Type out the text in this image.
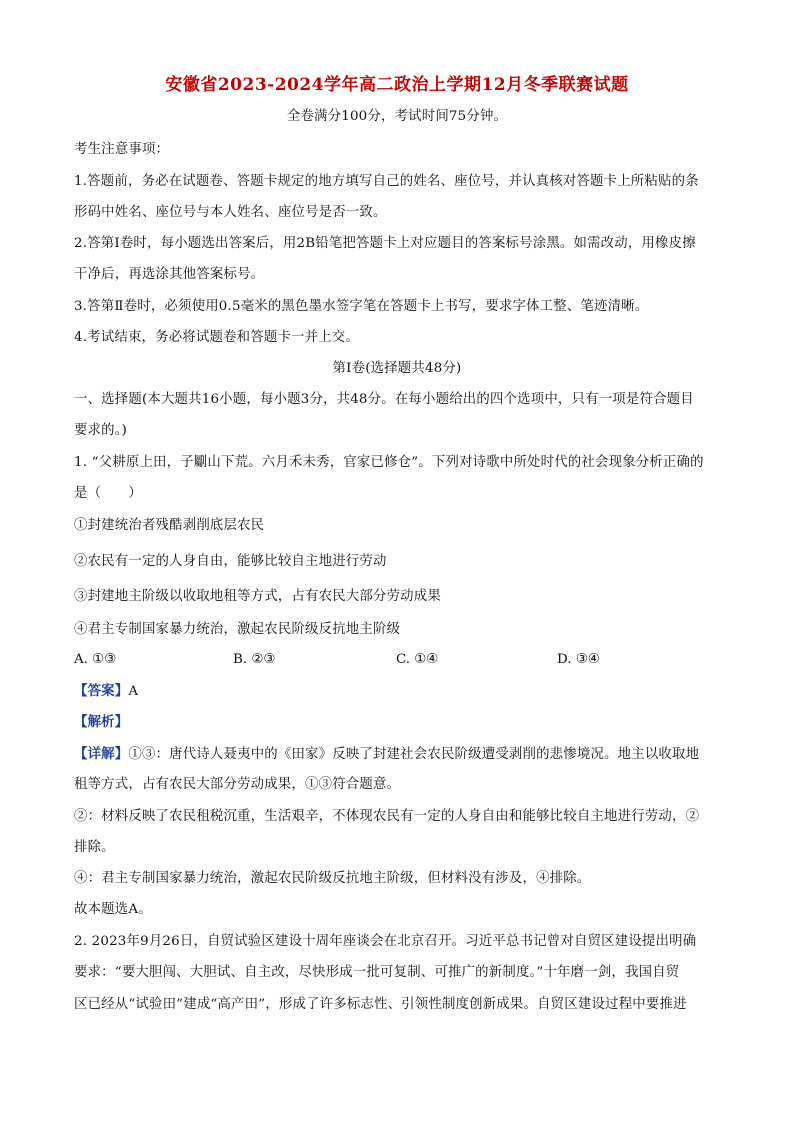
安徽省2023-2024学年高二政治上学期12月冬季联赛试题
全卷满分100分，考试时间75分钟。
考生注意事项：
1.答题前，务必在试题卷、答题卡规定的地方填写自己的姓名、座位号，并认真核对答题卡上所粘贴的条
形码中姓名、座位号与本人姓名、座位号是否一致。
2.答第Ⅰ卷时，每小题选出答案后，用2B铅笔把答题卡上对应题目的答案标号涂黑。如需改动，用橡皮擦
干净后，再选涂其他答案标号。
3.答第Ⅱ卷时，必须使用0.5毫米的黑色墨水签字笔在答题卡上书写，要求字体工整、笔迹清晰。
4.考试结束，务必将试题卷和答题卡一并上交。
第Ⅰ卷(选择题共48分)
一、选择题(本大题共16小题，每小题3分，共48分。在每小题给出的四个选项中，只有一项是符合题目
要求的。)
1. “父耕原上田，子劚山下荒。六月禾未秀，官家已修仓”。下列对诗歌中所处时代的社会现象分析正确的
是（　　）
①封建统治者残酷剥削底层农民
②农民有一定的人身自由，能够比较自主地进行劳动
③封建地主阶级以收取地租等方式，占有农民大部分劳动成果
④君主专制国家暴力统治，激起农民阶级反抗地主阶级
A. ①③	B. ②③	C. ①④	D. ③④
【答案】A
【解析】
【详解】①③：唐代诗人聂夷中的《田家》反映了封建社会农民阶级遭受剥削的悲惨境况。地主以收取地
租等方式，占有农民大部分劳动成果，①③符合题意。
②：材料反映了农民租税沉重，生活艰辛，不体现农民有一定的人身自由和能够比较自主地进行劳动，②
排除。
④：君主专制国家暴力统治，激起农民阶级反抗地主阶级，但材料没有涉及，④排除。
故本题选A。
2. 2023年9月26日，自贸试验区建设十周年座谈会在北京召开。习近平总书记曾对自贸区建设提出明确
要求：“要大胆闯、大胆试、自主改，尽快形成一批可复制、可推广的新制度。”十年磨一剑，我国自贸
区已经从“试验田”建成“高产田”，形成了许多标志性、引领性制度创新成果。自贸区建设过程中要推进
